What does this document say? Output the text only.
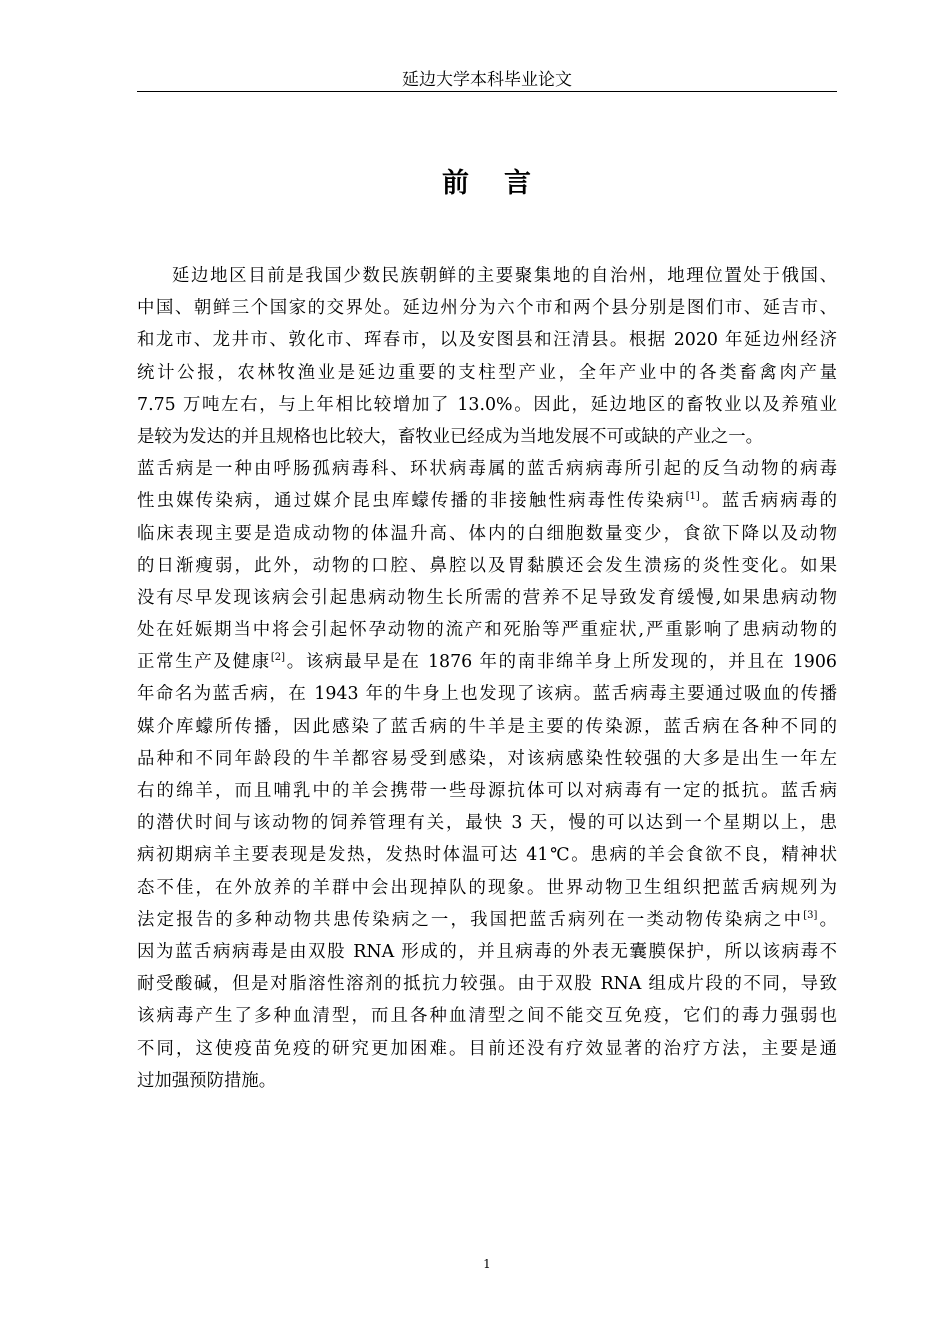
延边大学本科毕业论文
前 言

延边地区目前是我国少数民族朝鲜的主要聚集地的自治州，地理位置处于俄国、
中国、朝鲜三个国家的交界处。延边州分为六个市和两个县分别是图们市、延吉市、
和龙市、龙井市、敦化市、珲春市，以及安图县和汪清县。根据 2020 年延边州经济
统计公报，农林牧渔业是延边重要的支柱型产业，全年产业中的各类畜禽肉产量
7.75 万吨左右，与上年相比较增加了 13.0%。因此，延边地区的畜牧业以及养殖业
是较为发达的并且规格也比较大，畜牧业已经成为当地发展不可或缺的产业之一。

蓝舌病是一种由呼肠孤病毒科、环状病毒属的蓝舌病病毒所引起的反刍动物的病毒
性虫媒传染病，通过媒介昆虫库蠓传播的非接触性病毒性传染病[1]。蓝舌病病毒的
临床表现主要是造成动物的体温升高、体内的白细胞数量变少，食欲下降以及动物
的日渐瘦弱，此外，动物的口腔、鼻腔以及胃黏膜还会发生溃疡的炎性变化。如果
没有尽早发现该病会引起患病动物生长所需的营养不足导致发育缓慢,如果患病动物
处在妊娠期当中将会引起怀孕动物的流产和死胎等严重症状,严重影响了患病动物的
正常生产及健康[2]。该病最早是在 1876 年的南非绵羊身上所发现的，并且在 1906
年命名为蓝舌病，在 1943 年的牛身上也发现了该病。蓝舌病毒主要通过吸血的传播
媒介库蠓所传播，因此感染了蓝舌病的牛羊是主要的传染源，蓝舌病在各种不同的
品种和不同年龄段的牛羊都容易受到感染，对该病感染性较强的大多是出生一年左
右的绵羊，而且哺乳中的羊会携带一些母源抗体可以对病毒有一定的抵抗。蓝舌病
的潜伏时间与该动物的饲养管理有关，最快 3 天，慢的可以达到一个星期以上，患
病初期病羊主要表现是发热，发热时体温可达 41℃。患病的羊会食欲不良，精神状
态不佳，在外放养的羊群中会出现掉队的现象。世界动物卫生组织把蓝舌病规列为
法定报告的多种动物共患传染病之一，我国把蓝舌病列在一类动物传染病之中[3]。
因为蓝舌病病毒是由双股 RNA 形成的，并且病毒的外表无囊膜保护，所以该病毒不
耐受酸碱，但是对脂溶性溶剂的抵抗力较强。由于双股 RNA 组成片段的不同，导致
该病毒产生了多种血清型，而且各种血清型之间不能交互免疫，它们的毒力强弱也
不同，这使疫苗免疫的研究更加困难。目前还没有疗效显著的治疗方法，主要是通
过加强预防措施。

1
